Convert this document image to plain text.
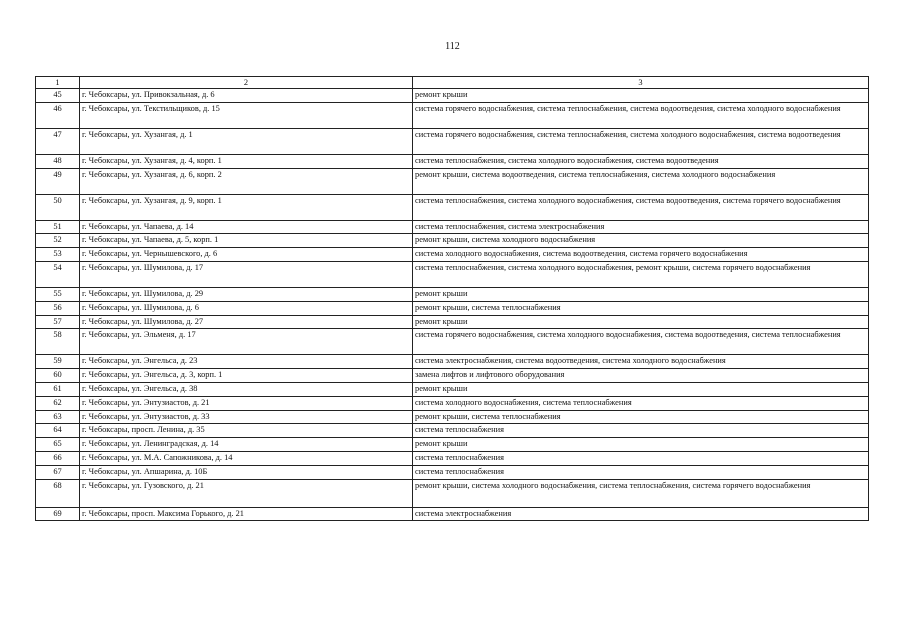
112
1	2	3
45	г. Чебоксары, ул. Привокзальная, д. 6	ремонт крыши
46	г. Чебоксары, ул. Текстильщиков, д. 15	система горячего водоснабжения, система теплоснабжения, система водоотведения, система холодного водоснабжения
47	г. Чебоксары, ул. Хузангая, д. 1	система горячего водоснабжения, система теплоснабжения, система холодного водоснабжения, система водоотведения
48	г. Чебоксары, ул. Хузангая, д. 4, корп. 1	система теплоснабжения, система холодного водоснабжения, система водоотведения
49	г. Чебоксары, ул. Хузангая, д. 6, корп. 2	ремонт крыши, система водоотведения, система теплоснабжения, система холодного водоснабжения
50	г. Чебоксары, ул. Хузангая, д. 9, корп. 1	система теплоснабжения, система холодного водоснабжения, система водоотведения, система горячего водоснабжения
51	г. Чебоксары, ул. Чапаева, д. 14	система теплоснабжения, система электроснабжения
52	г. Чебоксары, ул. Чапаева, д. 5, корп. 1	ремонт крыши, система холодного водоснабжения
53	г. Чебоксары, ул. Чернышевского, д. 6	система холодного водоснабжения, система водоотведения, система горячего водоснабжения
54	г. Чебоксары, ул. Шумилова, д. 17	система теплоснабжения, система холодного водоснабжения, ремонт крыши, система горячего водоснабжения
55	г. Чебоксары, ул. Шумилова, д. 29	ремонт крыши
56	г. Чебоксары, ул. Шумилова, д. 6	ремонт крыши, система теплоснабжения
57	г. Чебоксары, ул. Шумилова, д. 27	ремонт крыши
58	г. Чебоксары, ул. Эльменя, д. 17	система горячего водоснабжения, система холодного водоснабжения, система водоотведения, система теплоснабжения
59	г. Чебоксары, ул. Энгельса, д. 23	система электроснабжения, система водоотведения, система холодного водоснабжения
60	г. Чебоксары, ул. Энгельса, д. 3, корп. 1	замена лифтов и лифтового оборудования
61	г. Чебоксары, ул. Энгельса, д. 38	ремонт крыши
62	г. Чебоксары, ул. Энтузиастов, д. 21	система холодного водоснабжения, система теплоснабжения
63	г. Чебоксары, ул. Энтузиастов, д. 33	ремонт крыши, система теплоснабжения
64	г. Чебоксары, просп. Ленина, д. 35	система теплоснабжения
65	г. Чебоксары, ул. Ленинградская, д. 14	ремонт крыши
66	г. Чебоксары, ул. М.А. Сапожникова, д. 14	система теплоснабжения
67	г. Чебоксары, ул. Апшарина, д. 10Б	система теплоснабжения
68	г. Чебоксары, ул. Гузовского, д. 21	ремонт крыши, система холодного водоснабжения, система теплоснабжения, система горячего водоснабжения
69	г. Чебоксары, просп. Максима Горького, д. 21	система электроснабжения
